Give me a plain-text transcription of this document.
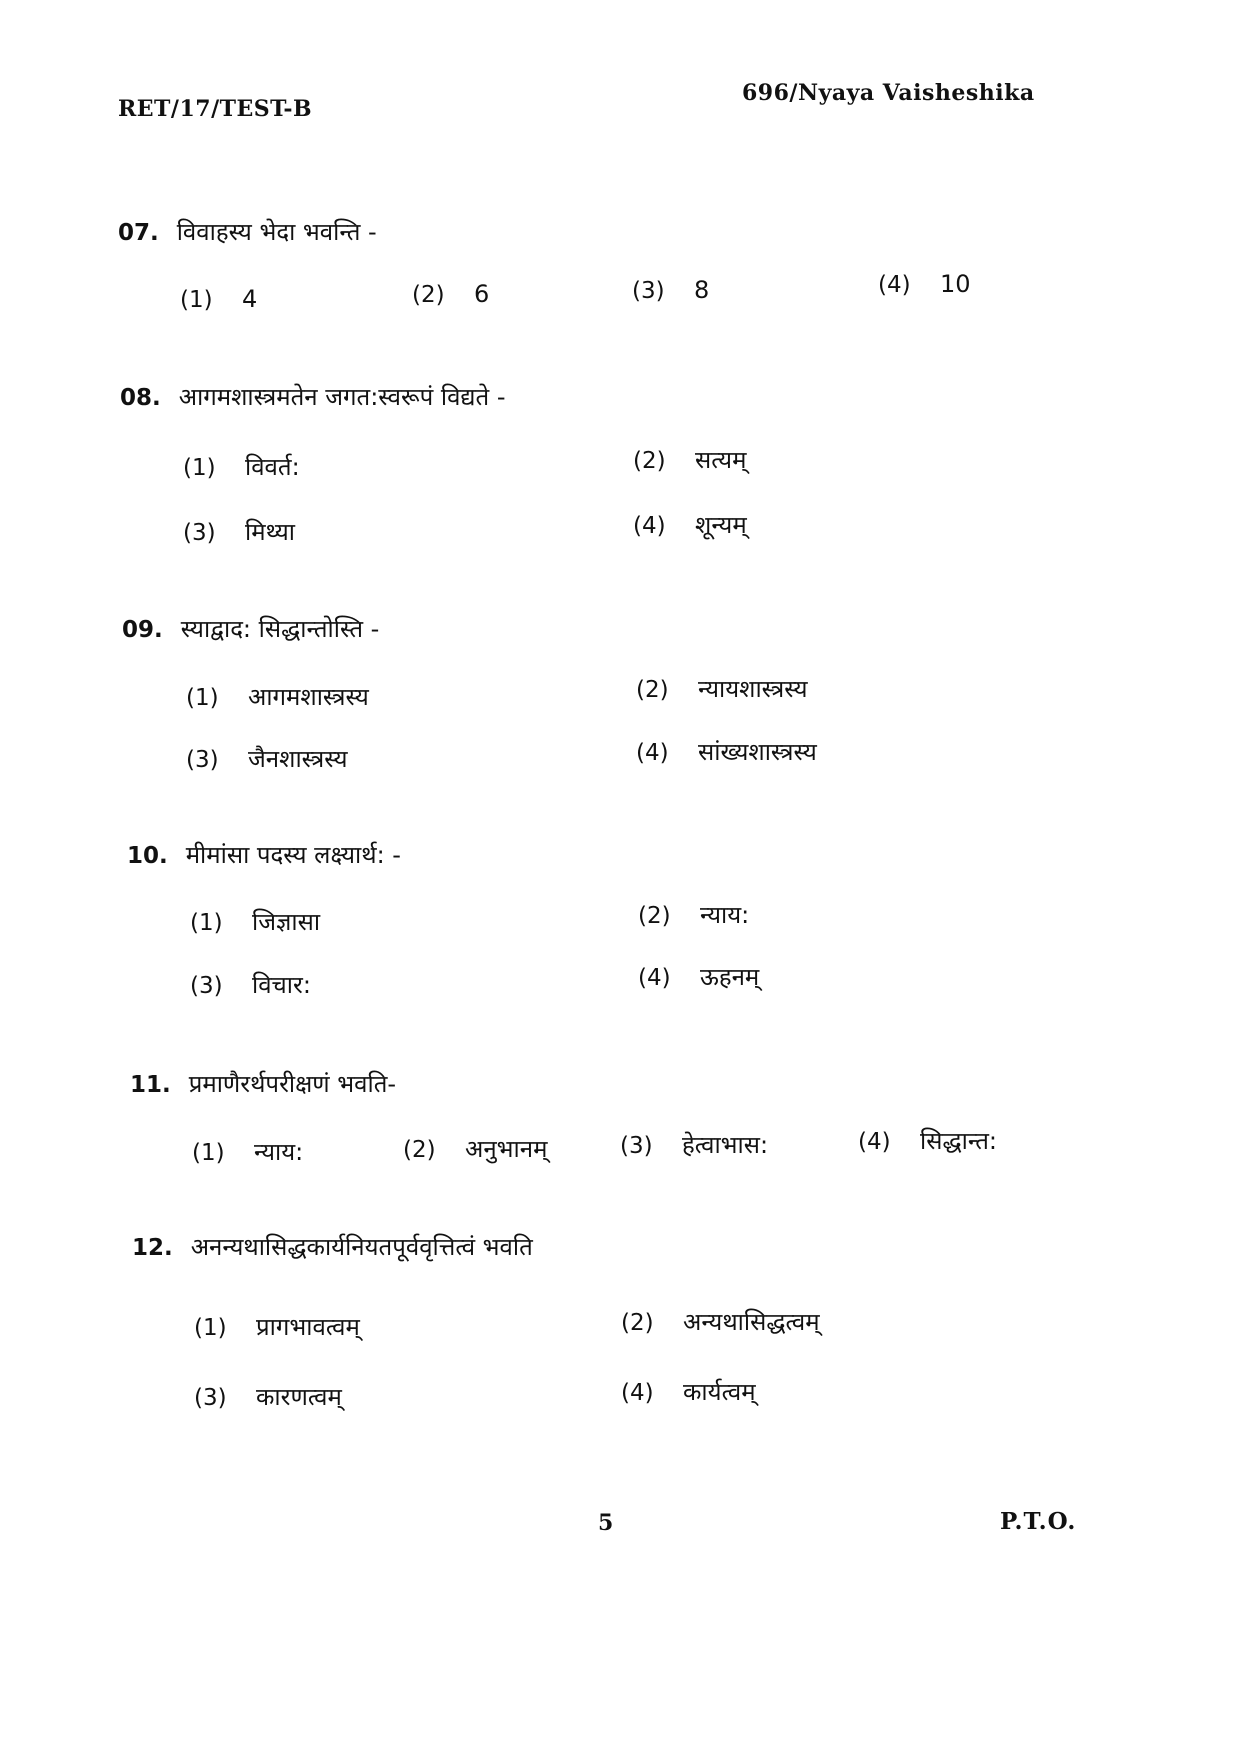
RET/17/TEST-B
696/Nyaya Vaisheshika
07. विवाहस्य भेदा भवन्ति -
(1) 4	(2) 6	(3) 8	(4) 10
08. आगमशास्त्रमतेन जगत:स्वरूपं विद्यते -
(1) विवर्त:	(2) सत्यम्
(3) मिथ्या	(4) शून्यम्
09. स्याद्वाद: सिद्धान्तोस्ति -
(1) आगमशास्त्रस्य	(2) न्यायशास्त्रस्य
(3) जैनशास्त्रस्य	(4) सांख्यशास्त्रस्य
10. मीमांसा पदस्य लक्ष्यार्थ: -
(1) जिज्ञासा	(2) न्याय:
(3) विचार:	(4) ऊहनम्
11. प्रमाणैरर्थपरीक्षणं भवति-
(1) न्याय:	(2) अनुभानम्	(3) हेत्वाभास:	(4) सिद्धान्त:
12. अनन्यथासिद्धकार्यनियतपूर्ववृत्तित्वं भवति
(1) प्रागभावत्वम्	(2) अन्यथासिद्धत्वम्
(3) कारणत्वम्	(4) कार्यत्वम्
5	P.T.O.
